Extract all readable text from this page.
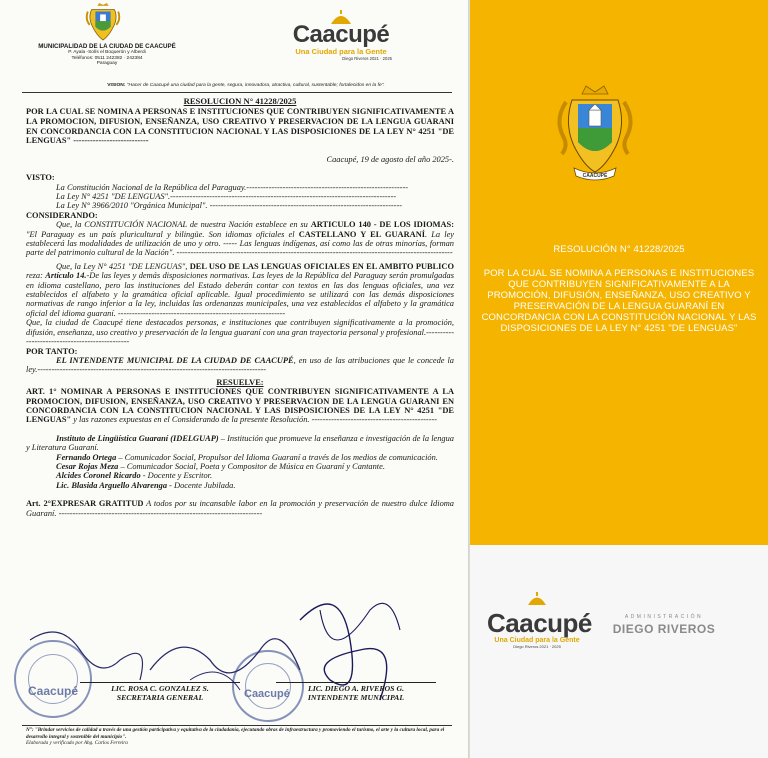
MUNICIPALIDAD DE LA CIUDAD DE CAACUPÉ
P. Ayala -Solís el Boquerón y Alberdi
Teléfonos: 0511 242382 · 242384
Paraguay
Caacupé
Una Ciudad para la Gente
Diego Riveros 2021 · 2025
VISION: "Hacer de Caacupé una ciudad para la gente, segura, innovadora, atractiva, cultural, sustentable; fortalecidos en la fe".
RESOLUCION N° 41228/2025
POR LA CUAL SE NOMINA A PERSONAS E INSTITUCIONES QUE CONTRIBUYEN SIGNIFICATIVAMENTE A LA PROMOCION, DIFUSION, ENSEÑANZA, USO CREATIVO Y PRESERVACION DE LA LENGUA GUARANI EN CONCORDANCIA CON LA CONSTITUCION NACIONAL Y LAS DISPOSICIONES DE LA LEY N° 4251 "DE LENGUAS" ---------------------------
Caacupé, 19 de agosto del año 2025-.
VISTO:
La Constitución Nacional de la República del Paraguay.----------------------------------------------------------
La Ley N° 4251 "DE LENGUAS".---------------------------------------------------------------------------------
La Ley N° 3966/2010 "Orgánica Municipal". ---------------------------------------------------------------------
CONSIDERANDO:

Que, la CONSTITUCIÓN NACIONAL de nuestra Nación establece en su ARTICULO 140 - DE LOS IDIOMAS: "El Paraguay es un país pluricultural y bilingüe. Son idiomas oficiales el CASTELLANO Y EL GUARANÍ. La ley establecerá las modalidades de utilización de uno y otro. ----- Las lenguas indígenas, así como las de otras minorías, forman parte del patrimonio cultural de la Nación". ---------------------------------------------------------------------------------------------------

Que, la Ley N° 4251 "DE LENGUAS", DEL USO DE LAS LENGUAS OFICIALES EN EL AMBITO PUBLICO reza: Artículo 14.-De las leyes y demás disposiciones normativas. Las leyes de la República del Paraguay serán promulgadas en idioma castellano, pero las instituciones del Estado deberán contar con textos en las dos lenguas oficiales, una vez establecidos el alfabeto y la gramática oficial aplicable. Igual procedimiento se utilizará con las demás disposiciones normativas de rango inferior a la ley, incluidas las ordenanzas municipales, una vez establecidos el alfabeto y la gramática oficial del idioma guaraní. ------------------------------------------------------------

Que, la ciudad de Caacupé tiene destacados personas, e instituciones que contribuyen significativamente a la promoción, difusión, enseñanza, uso creativo y preservación de la lengua guaraní con una gran trayectoria personal y profesional.-----------------------------------------------

POR TANTO:

EL INTENDENTE MUNICIPAL DE LA CIUDAD DE CAACUPÉ, en uso de las atribuciones que le concede la ley.----------------------------------------------------------------------------------

RESUELVE:

ART. 1° NOMINAR A PERSONAS E INSTITUCIONES QUE CONTRIBUYEN SIGNIFICATIVAMENTE A LA PROMOCION, DIFUSION, ENSEÑANZA, USO CREATIVO Y PRESERVACION DE LA LENGUA GUARANI EN CONCORDANCIA CON LA CONSTITUCION NACIONAL Y LAS DISPOSICIONES DE LA LEY N° 4251 "DE LENGUAS" y las razones expuestas en el Considerando de la presente Resolución. ---------------------------------------------

Instituto de Lingüística Guaraní (IDELGUAP) – Institución que promueve la enseñanza e investigación de la lengua y Literatura Guaraní.

Fernando Ortega – Comunicador Social, Propulsor del Idioma Guaraní a través de los medios de comunicación.

Cesar Rojas Meza – Comunicador Social, Poeta y Compositor de Música en Guaraní y Cantante.

Alcides Coronel Ricardo - Docente y Escritor.

Lic. Blasida Arguello Alvarenga - Docente Jubilada.

Art. 2°EXPRESAR GRATITUD A todos por su incansable labor en la promoción y preservación de nuestro dulce Idioma Guaraní. -------------------------------------------------------------------------

Caacupé	Caacupé
LIC. ROSA C. GONZALEZ S.
SECRETARIA GENERAL
LIC. DIEGO A. RIVEROS G.
INTENDENTE MUNICIPAL
N°: "Brindar servicios de calidad a través de una gestión participativa y equitativa de la ciudadanía, ejecutando obras de infraestructura y promoviendo el turismo, el arte y la cultura local, para el desarrollo integral y sostenible del municipio".
Elaborada y verificado por Abg. Carlos Ferreira
CAACUPÉ
RESOLUCIÓN N° 41228/2025
POR LA CUAL SE NOMINA A PERSONAS E INSTITUCIONES QUE CONTRIBUYEN SIGNIFICATIVAMENTE A LA PROMOCIÓN, DIFUSIÓN, ENSEÑANZA, USO CREATIVO Y PRESERVACIÓN DE LA LENGUA GUARANÍ EN CONCORDANCIA CON LA CONSTITUCIÓN NACIONAL Y LAS DISPOSICIONES DE LA LEY N° 4251 "DE LENGUAS"
Caacupé
Una Ciudad para la Gente
Diego Riveros 2021 · 2025
ADMINISTRACIÓN
DIEGO RIVEROS
